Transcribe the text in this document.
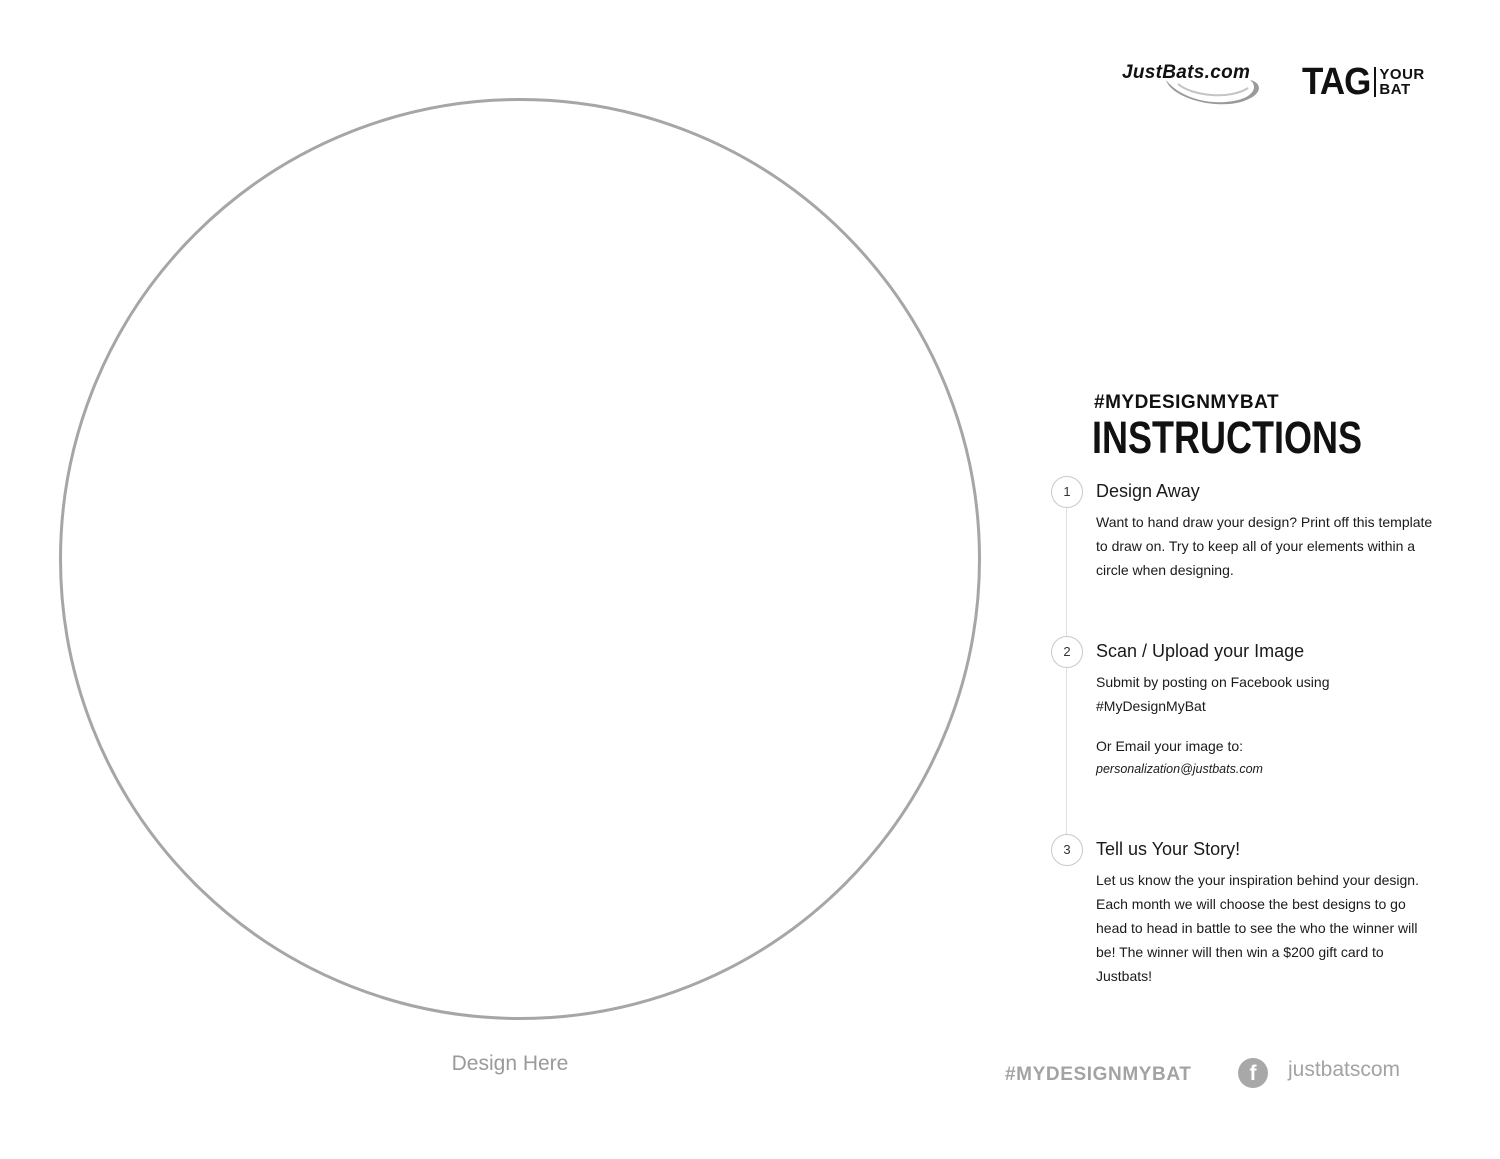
Design Here
JustBats.com TAG YOUR
BAT
#MYDESIGNMYBAT
INSTRUCTIONS
1	Design Away

Want to hand draw your design? Print off this template to draw on. Try to keep all of your elements within a circle when designing.

2	Scan / Upload your Image

Submit by posting on Facebook using #MyDesignMyBat

Or Email your image to:

personalization@justbats.com
3	Tell us Your Story!

Let us know the your inspiration behind your design. Each month we will choose the best designs to go head to head in battle to see the who the winner will be! The winner will then win a $200 gift card to Justbats!

#MYDESIGNMYBAT	f	justbatscom
